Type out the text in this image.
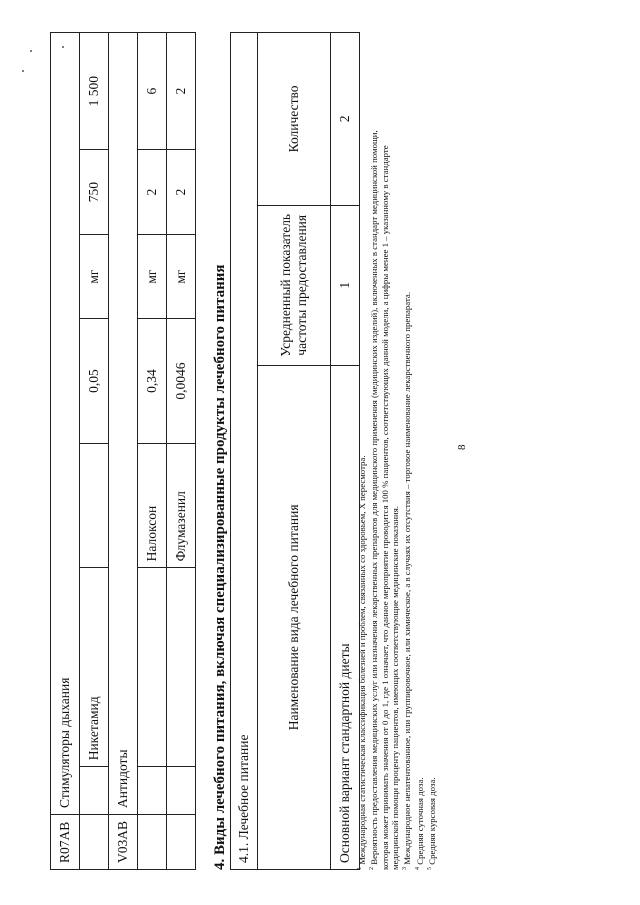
8
R07AB	Стимуляторы дыхания						
		Никетамид		0,05	мг	750	1 500
V03AB	Антидоты						
			Налоксон	0,34	мг	2	6
			Флумазенил	0,0046	мг	2	2
4. Виды лечебного питания, включая специализированные продукты лечебного питания 4.1. Лечебное питание		
Наименование вида лечебного питания	Усредненный показатель частоты предоставления	Количество
Основной вариант стандартной диеты	1	2

$^1$ Международная статистическая классификация болезней и проблем, связанных со здоровьем, X пересмотра.

$^2$ Вероятность предоставления медицинских услуг или назначения лекарственных препаратов для медицинского применения (медицинских изделий), включенных в стандарт медицинской помощи, которая может принимать значения от 0 до 1, где 1 означает, что данное мероприятие проводится 100 % пациентов, соответствующих данной модели, а цифры менее 1 – указанному в стандарте медицинской помощи проценту пациентов, имеющих соответствующие медицинские показания. $^3$ Международное непатентованное, или группировочное, или химическое, а в случаях их отсутствия – торговое наименование лекарственного препарата.

$^4$ Средняя суточная доза.

$^5$ Средняя курсовая доза.
